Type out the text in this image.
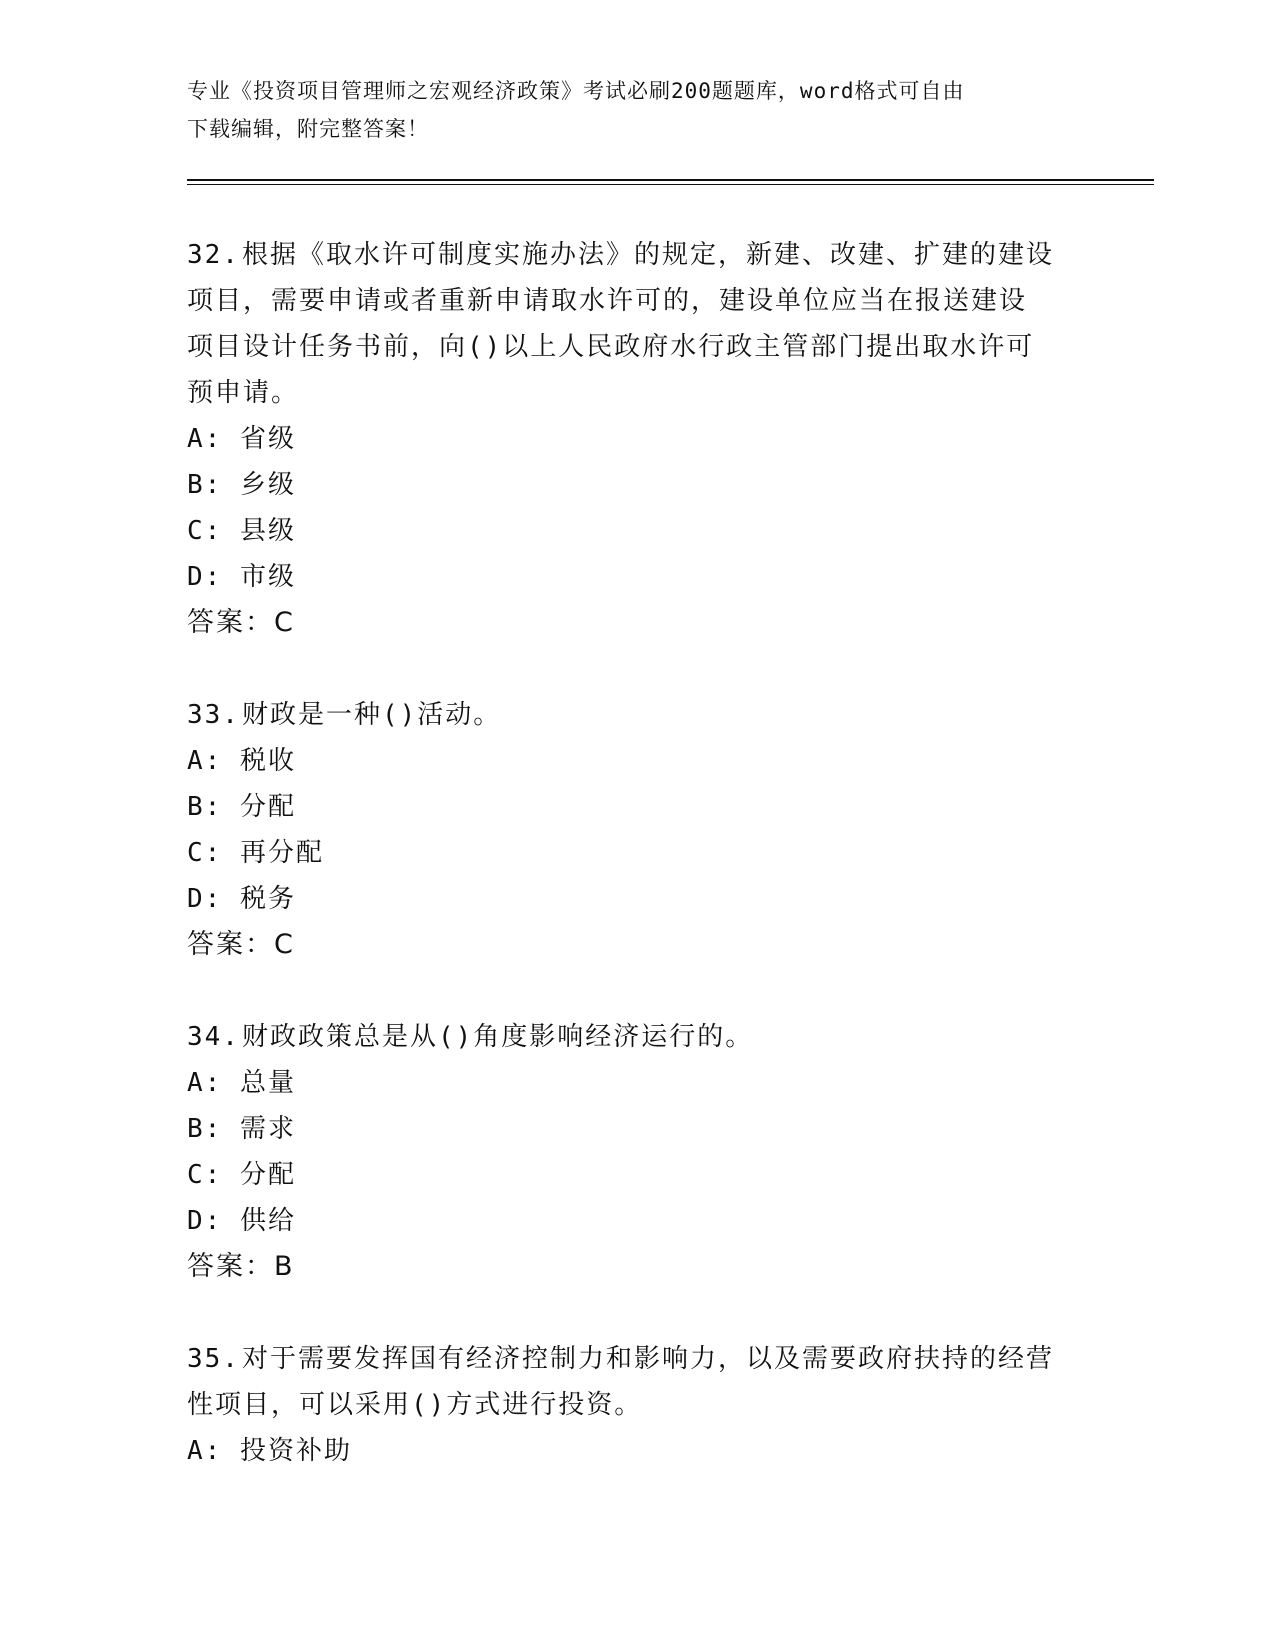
专业《投资项目管理师之宏观经济政策》考试必刷200题题库，word格式可自由
下载编辑，附完整答案！
32.根据《取水许可制度实施办法》的规定，新建、改建、扩建的建设
项目，需要申请或者重新申请取水许可的，建设单位应当在报送建设
项目设计任务书前，向()以上人民政府水行政主管部门提出取水许可
预申请。
A: 省级
B: 乡级
C: 县级
D: 市级
答案：C
33.财政是一种()活动。
A: 税收
B: 分配
C: 再分配
D: 税务
答案：C
34.财政政策总是从()角度影响经济运行的。
A: 总量
B: 需求
C: 分配
D: 供给
答案：B
35.对于需要发挥国有经济控制力和影响力，以及需要政府扶持的经营
性项目，可以采用()方式进行投资。
A: 投资补助
